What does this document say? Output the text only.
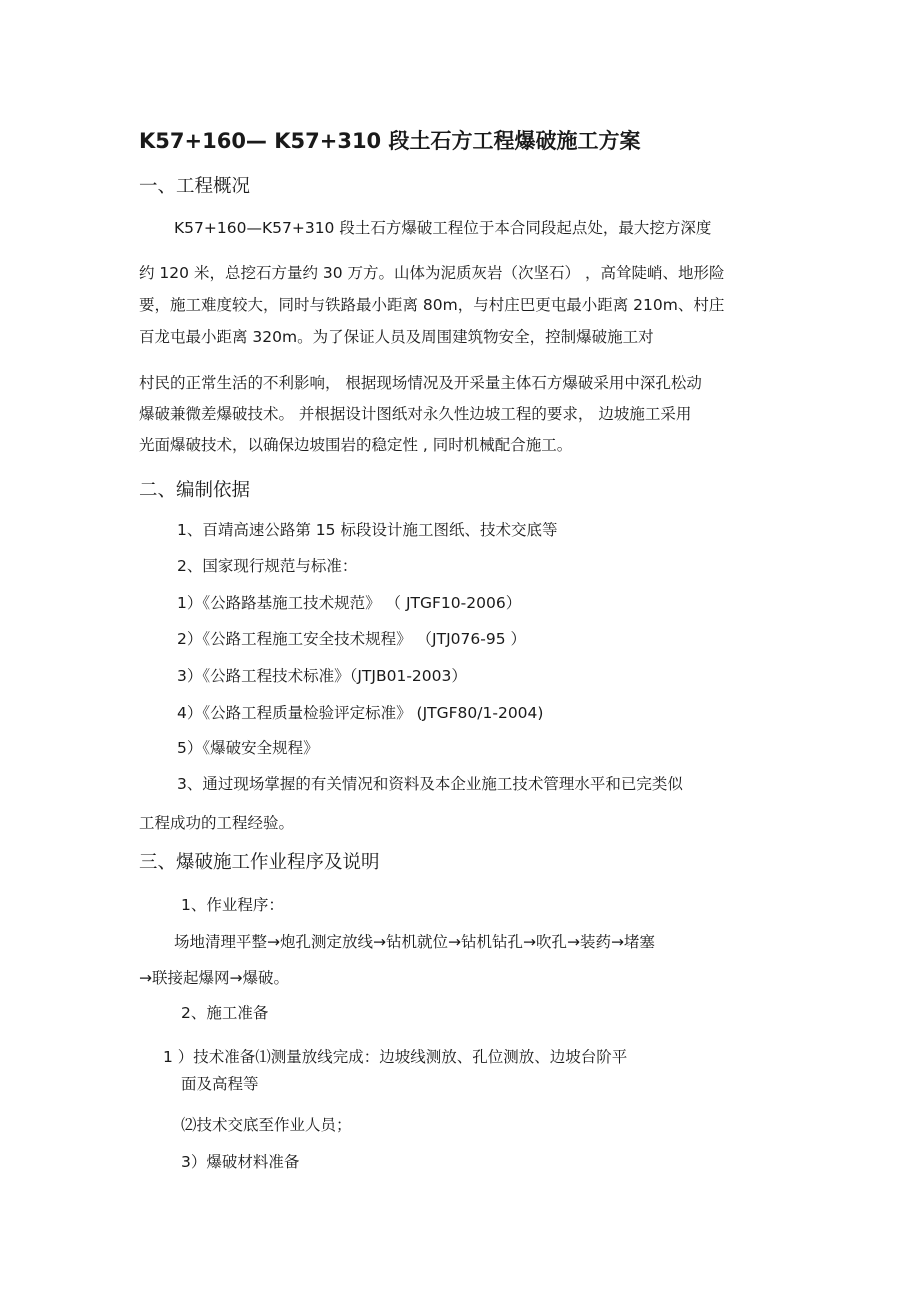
K57+160— K57+310 段土石方工程爆破施工方案
一、工程概况
K57+160—K57+310 段土石方爆破工程位于本合同段起点处，最大挖方深度
约 120 米，总挖石方量约 30 万方。山体为泥质灰岩（次坚石） ，高耸陡峭、地形险
要，施工难度较大，同时与铁路最小距离 80m，与村庄巴更屯最小距离 210m、村庄
百龙屯最小距离 320m。为了保证人员及周围建筑物安全，控制爆破施工对
村民的正常生活的不利影响， 根据现场情况及开采量主体石方爆破采用中深孔松动
爆破兼微差爆破技术。 并根据设计图纸对永久性边坡工程的要求， 边坡施工采用
光面爆破技术，以确保边坡围岩的稳定性 , 同时机械配合施工。
二、编制依据
1、百靖高速公路第 15 标段设计施工图纸、技术交底等
2、国家现行规范与标准：
1）《公路路基施工技术规范》 （ JTGF10-2006）
2）《公路工程施工安全技术规程》 （JTJ076-95 ）
3）《公路工程技术标准》（JTJB01-2003）
4）《公路工程质量检验评定标准》 (JTGF80/1-2004)
5）《爆破安全规程》
3、通过现场掌握的有关情况和资料及本企业施工技术管理水平和已完类似
工程成功的工程经验。
三、爆破施工作业程序及说明
1、作业程序：
场地清理平整→炮孔测定放线→钻机就位→钻机钻孔→吹孔→装药→堵塞
→联接起爆网→爆破。
2、施工准备
1 ）技术准备⑴测量放线完成：边坡线测放、孔位测放、边坡台阶平
面及高程等
⑵技术交底至作业人员；
3）爆破材料准备
